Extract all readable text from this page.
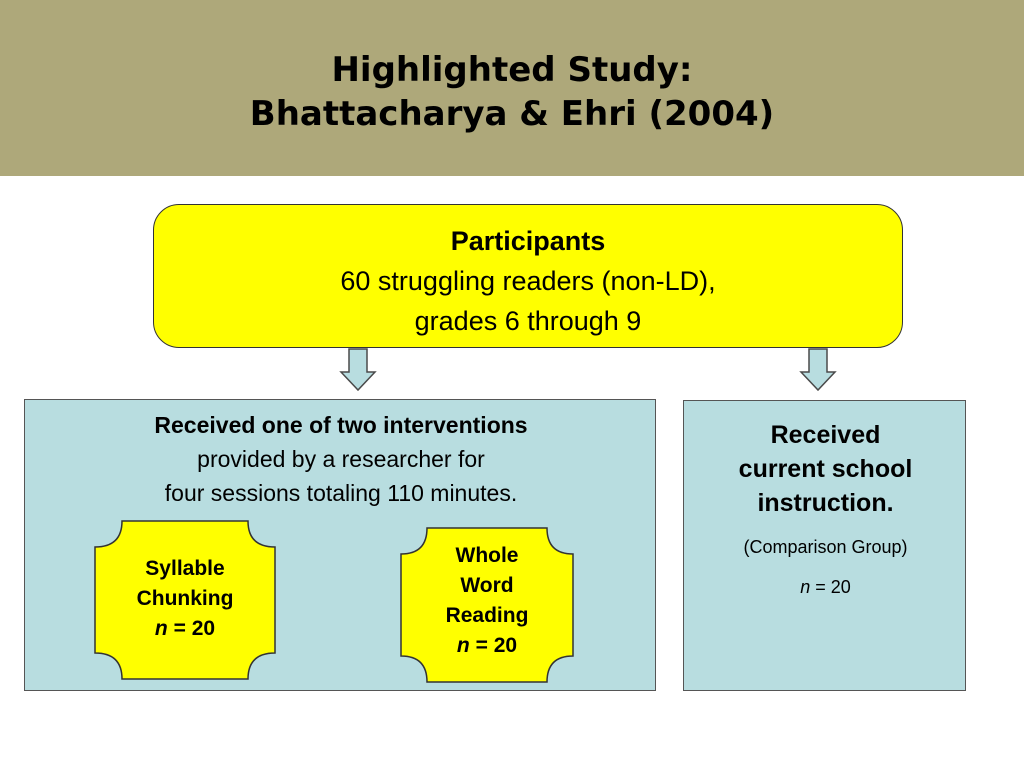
Highlighted Study:
Bhattacharya & Ehri (2004)
Participants
60 struggling readers (non-LD),
grades 6 through 9
Received one of two interventions
provided by a researcher for
four sessions totaling 110 minutes.
Syllable
Chunking
n = 20
Whole
Word
Reading
n = 20
Received
current school
instruction.
(Comparison Group)
n = 20
